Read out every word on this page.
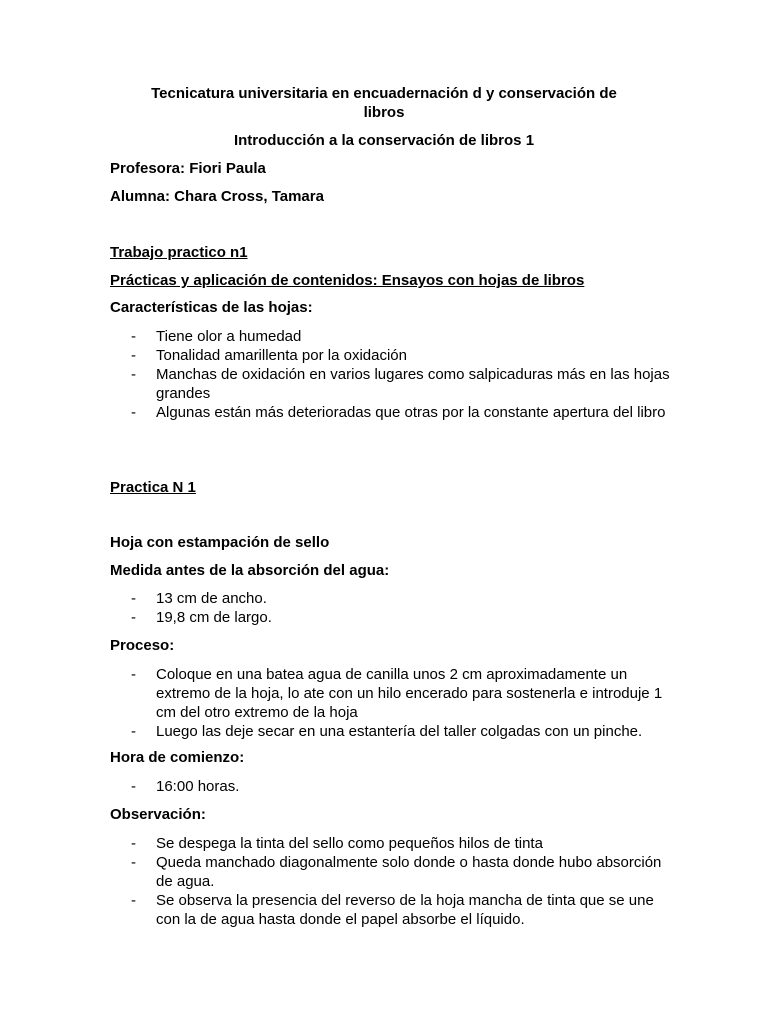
Tecnicatura universitaria en encuadernación d y conservación de libros
Introducción a la conservación de libros 1
Profesora: Fiori Paula
Alumna: Chara Cross, Tamara
Trabajo practico n1
Prácticas y aplicación de contenidos: Ensayos con hojas de libros
Características de las hojas:
- Tiene olor a humedad
- Tonalidad amarillenta por la oxidación
- Manchas de oxidación en varios lugares como salpicaduras más en las hojas grandes
- Algunas están más deterioradas que otras por la constante apertura del libro
Practica N 1
Hoja con estampación de sello
Medida antes de la absorción del agua:
- 13 cm de ancho.
- 19,8 cm de largo.
Proceso:
- Coloque en una batea agua de canilla unos 2 cm aproximadamente un extremo de la hoja, lo ate con un hilo encerado para sostenerla e introduje 1 cm del otro extremo de la hoja
- Luego las deje secar en una estantería del taller colgadas con un pinche.
Hora de comienzo:
- 16:00 horas.
Observación:
- Se despega la tinta del sello como pequeños hilos de tinta
- Queda manchado diagonalmente solo donde o hasta donde hubo absorción de agua.
- Se observa la presencia del reverso de la hoja mancha de tinta que se une con la de agua hasta donde el papel absorbe el líquido.
